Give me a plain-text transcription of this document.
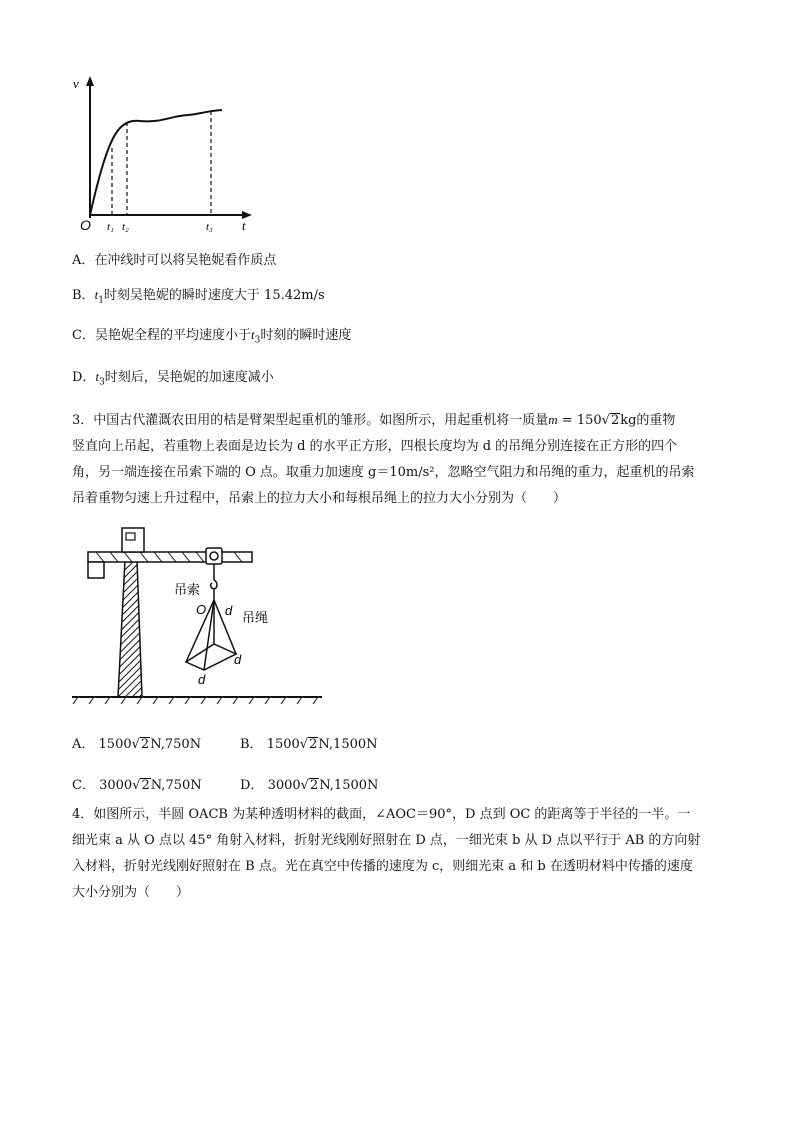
v
t
O t₁ t₂	t₃
A．在冲线时可以将吴艳妮看作质点
B．$t_1$时刻吴艳妮的瞬时速度大于 15.42m/s
C．吴艳妮全程的平均速度小于$t_3$时刻的瞬时速度
D．$t_3$时刻后，吴艳妮的加速度减小
3．中国古代灌溉农田用的桔是臂架型起重机的雏形。如图所示，用起重机将一质量m = 150√2kg的重物
竖直向上吊起，若重物上表面是边长为 d 的水平正方形，四根长度均为 d 的吊绳分别连接在正方形的四个
角，另一端连接在吊索下端的 O 点。取重力加速度 g＝10m/s²，忽略空气阻力和吊绳的重力，起重机的吊索
吊着重物匀速上升过程中，吊索上的拉力大小和每根吊绳上的拉力大小分别为（　　）
吊索
O d
吊绳
d
d
A． 1500√2N,750N	B． 1500√2N,1500N
C． 3000√2N,750N	D． 3000√2N,1500N
4．如图所示，半圆 OACB 为某种透明材料的截面，∠AOC＝90°，D 点到 OC 的距离等于半径的一半。一
细光束 a 从 O 点以 45° 角射入材料，折射光线刚好照射在 D 点，一细光束 b 从 D 点以平行于 AB 的方向射
入材料，折射光线刚好照射在 B 点。光在真空中传播的速度为 c，则细光束 a 和 b 在透明材料中传播的速度
大小分别为（　　）
